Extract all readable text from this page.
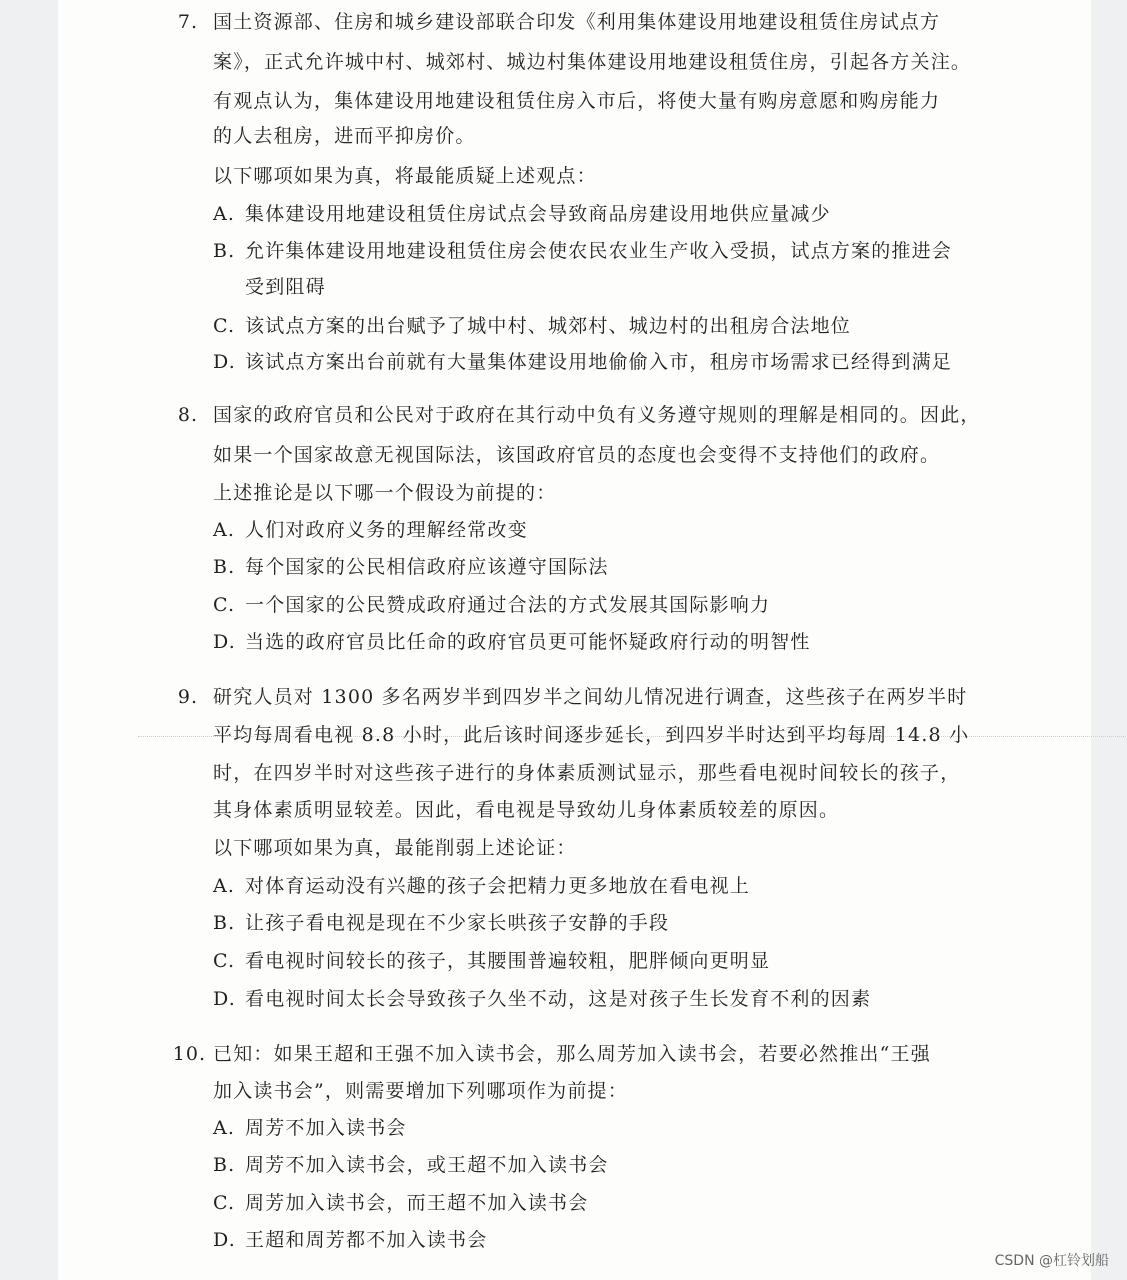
7. 国土资源部、住房和城乡建设部联合印发《利用集体建设用地建设租赁住房试点方
案》，正式允许城中村、城郊村、城边村集体建设用地建设租赁住房，引起各方关注。
有观点认为，集体建设用地建设租赁住房入市后，将使大量有购房意愿和购房能力
的人去租房，进而平抑房价。
以下哪项如果为真，将最能质疑上述观点：
A. 集体建设用地建设租赁住房试点会导致商品房建设用地供应量减少
B. 允许集体建设用地建设租赁住房会使农民农业生产收入受损，试点方案的推进会
受到阻碍
C. 该试点方案的出台赋予了城中村、城郊村、城边村的出租房合法地位
D. 该试点方案出台前就有大量集体建设用地偷偷入市，租房市场需求已经得到满足
8. 国家的政府官员和公民对于政府在其行动中负有义务遵守规则的理解是相同的。因此，
如果一个国家故意无视国际法，该国政府官员的态度也会变得不支持他们的政府。
上述推论是以下哪一个假设为前提的：
A. 人们对政府义务的理解经常改变
B. 每个国家的公民相信政府应该遵守国际法
C. 一个国家的公民赞成政府通过合法的方式发展其国际影响力
D. 当选的政府官员比任命的政府官员更可能怀疑政府行动的明智性
9. 研究人员对 1300 多名两岁半到四岁半之间幼儿情况进行调查，这些孩子在两岁半时
平均每周看电视 8.8 小时，此后该时间逐步延长，到四岁半时达到平均每周 14.8 小
时，在四岁半时对这些孩子进行的身体素质测试显示，那些看电视时间较长的孩子，
其身体素质明显较差。因此，看电视是导致幼儿身体素质较差的原因。
以下哪项如果为真，最能削弱上述论证：
A. 对体育运动没有兴趣的孩子会把精力更多地放在看电视上
B. 让孩子看电视是现在不少家长哄孩子安静的手段
C. 看电视时间较长的孩子，其腰围普遍较粗，肥胖倾向更明显
D. 看电视时间太长会导致孩子久坐不动，这是对孩子生长发育不利的因素
10. 已知：如果王超和王强不加入读书会，那么周芳加入读书会，若要必然推出“王强
加入读书会”，则需要增加下列哪项作为前提：
A. 周芳不加入读书会
B. 周芳不加入读书会，或王超不加入读书会
C. 周芳加入读书会，而王超不加入读书会
D. 王超和周芳都不加入读书会
CSDN @杠铃划船
